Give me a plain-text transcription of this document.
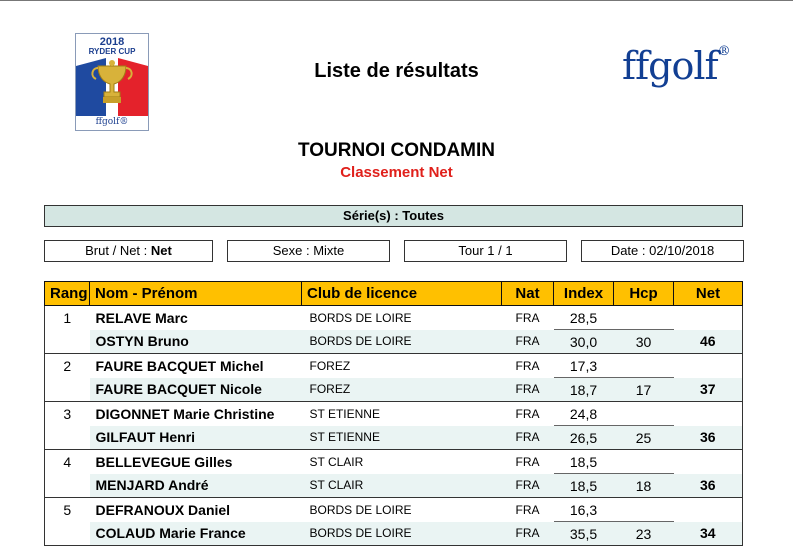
2018
RYDER CUP
ffgolf®
Liste de résultats	ffgolf®
TOURNOI CONDAMIN
Classement Net
Série(s) : Toutes
Brut / Net : Net	Sexe : Mixte	Tour 1 / 1	Date : 02/10/2018
Rang	Nom - Prénom	Club de licence	Nat	Index	Hcp	Net
1	RELAVE Marc	BORDS DE LOIRE	FRA	28,5		
	OSTYN Bruno	BORDS DE LOIRE	FRA	30,0	30	46
2	FAURE BACQUET Michel	FOREZ	FRA	17,3		
	FAURE BACQUET Nicole	FOREZ	FRA	18,7	17	37
3	DIGONNET Marie Christine	ST ETIENNE	FRA	24,8		
	GILFAUT Henri	ST ETIENNE	FRA	26,5	25	36
4	BELLEVEGUE Gilles	ST CLAIR	FRA	18,5		
	MENJARD André	ST CLAIR	FRA	18,5	18	36
5	DEFRANOUX Daniel	BORDS DE LOIRE	FRA	16,3		
	COLAUD Marie France	BORDS DE LOIRE	FRA	35,5	23	34
